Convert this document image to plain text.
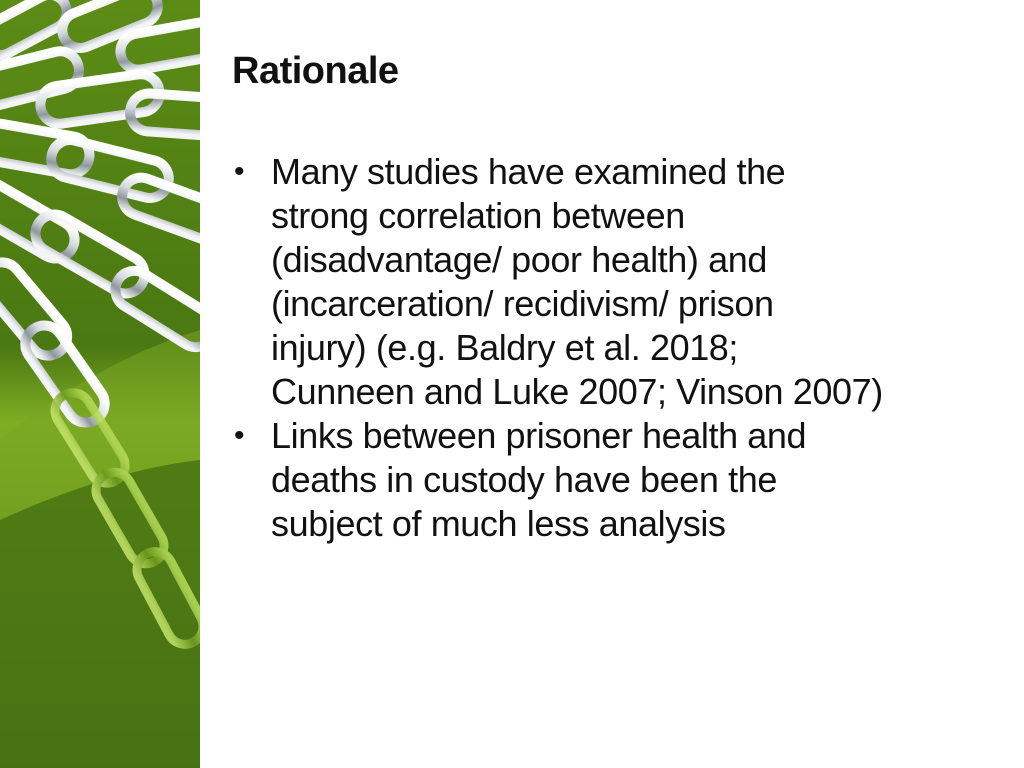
Rationale
• Many studies have examined the
strong correlation between
(disadvantage/ poor health) and
(incarceration/ recidivism/ prison
injury) (e.g. Baldry et al. 2018;
Cunneen and Luke 2007; Vinson 2007)
• Links between prisoner health and
deaths in custody have been the
subject of much less analysis
